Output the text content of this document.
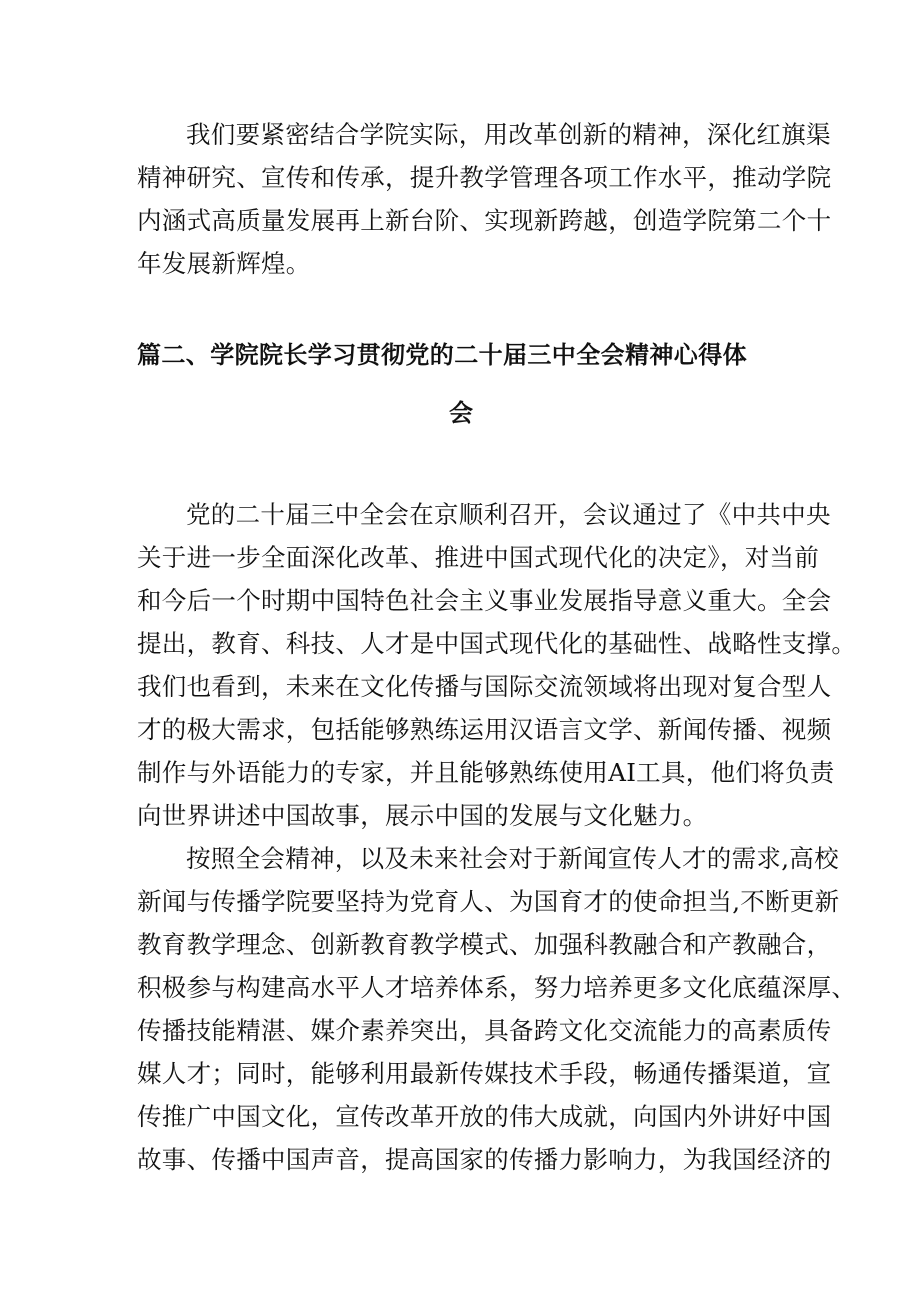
我们要紧密结合学院实际，用改革创新的精神，深化红旗渠
精神研究、宣传和传承，提升教学管理各项工作水平，推动学院
内涵式高质量发展再上新台阶、实现新跨越，创造学院第二个十
年发展新辉煌。
篇二、学院院长学习贯彻党的二十届三中全会精神心得体
会
党的二十届三中全会在京顺利召开，会议通过了《中共中央
关于进一步全面深化改革、推进中国式现代化的决定》，对当前
和今后一个时期中国特色社会主义事业发展指导意义重大。全会
提出，教育、科技、人才是中国式现代化的基础性、战略性支撑。
我们也看到，未来在文化传播与国际交流领域将出现对复合型人
才的极大需求，包括能够熟练运用汉语言文学、新闻传播、视频
制作与外语能力的专家，并且能够熟练使用AI工具，他们将负责
向世界讲述中国故事，展示中国的发展与文化魅力。
按照全会精神，以及未来社会对于新闻宣传人才的需求,高校
新闻与传播学院要坚持为党育人、为国育才的使命担当,不断更新
教育教学理念、创新教育教学模式、加强科教融合和产教融合，
积极参与构建高水平人才培养体系，努力培养更多文化底蕴深厚、
传播技能精湛、媒介素养突出，具备跨文化交流能力的高素质传
媒人才；同时，能够利用最新传媒技术手段，畅通传播渠道，宣
传推广中国文化，宣传改革开放的伟大成就，向国内外讲好中国
故事、传播中国声音，提高国家的传播力影响力，为我国经济的
